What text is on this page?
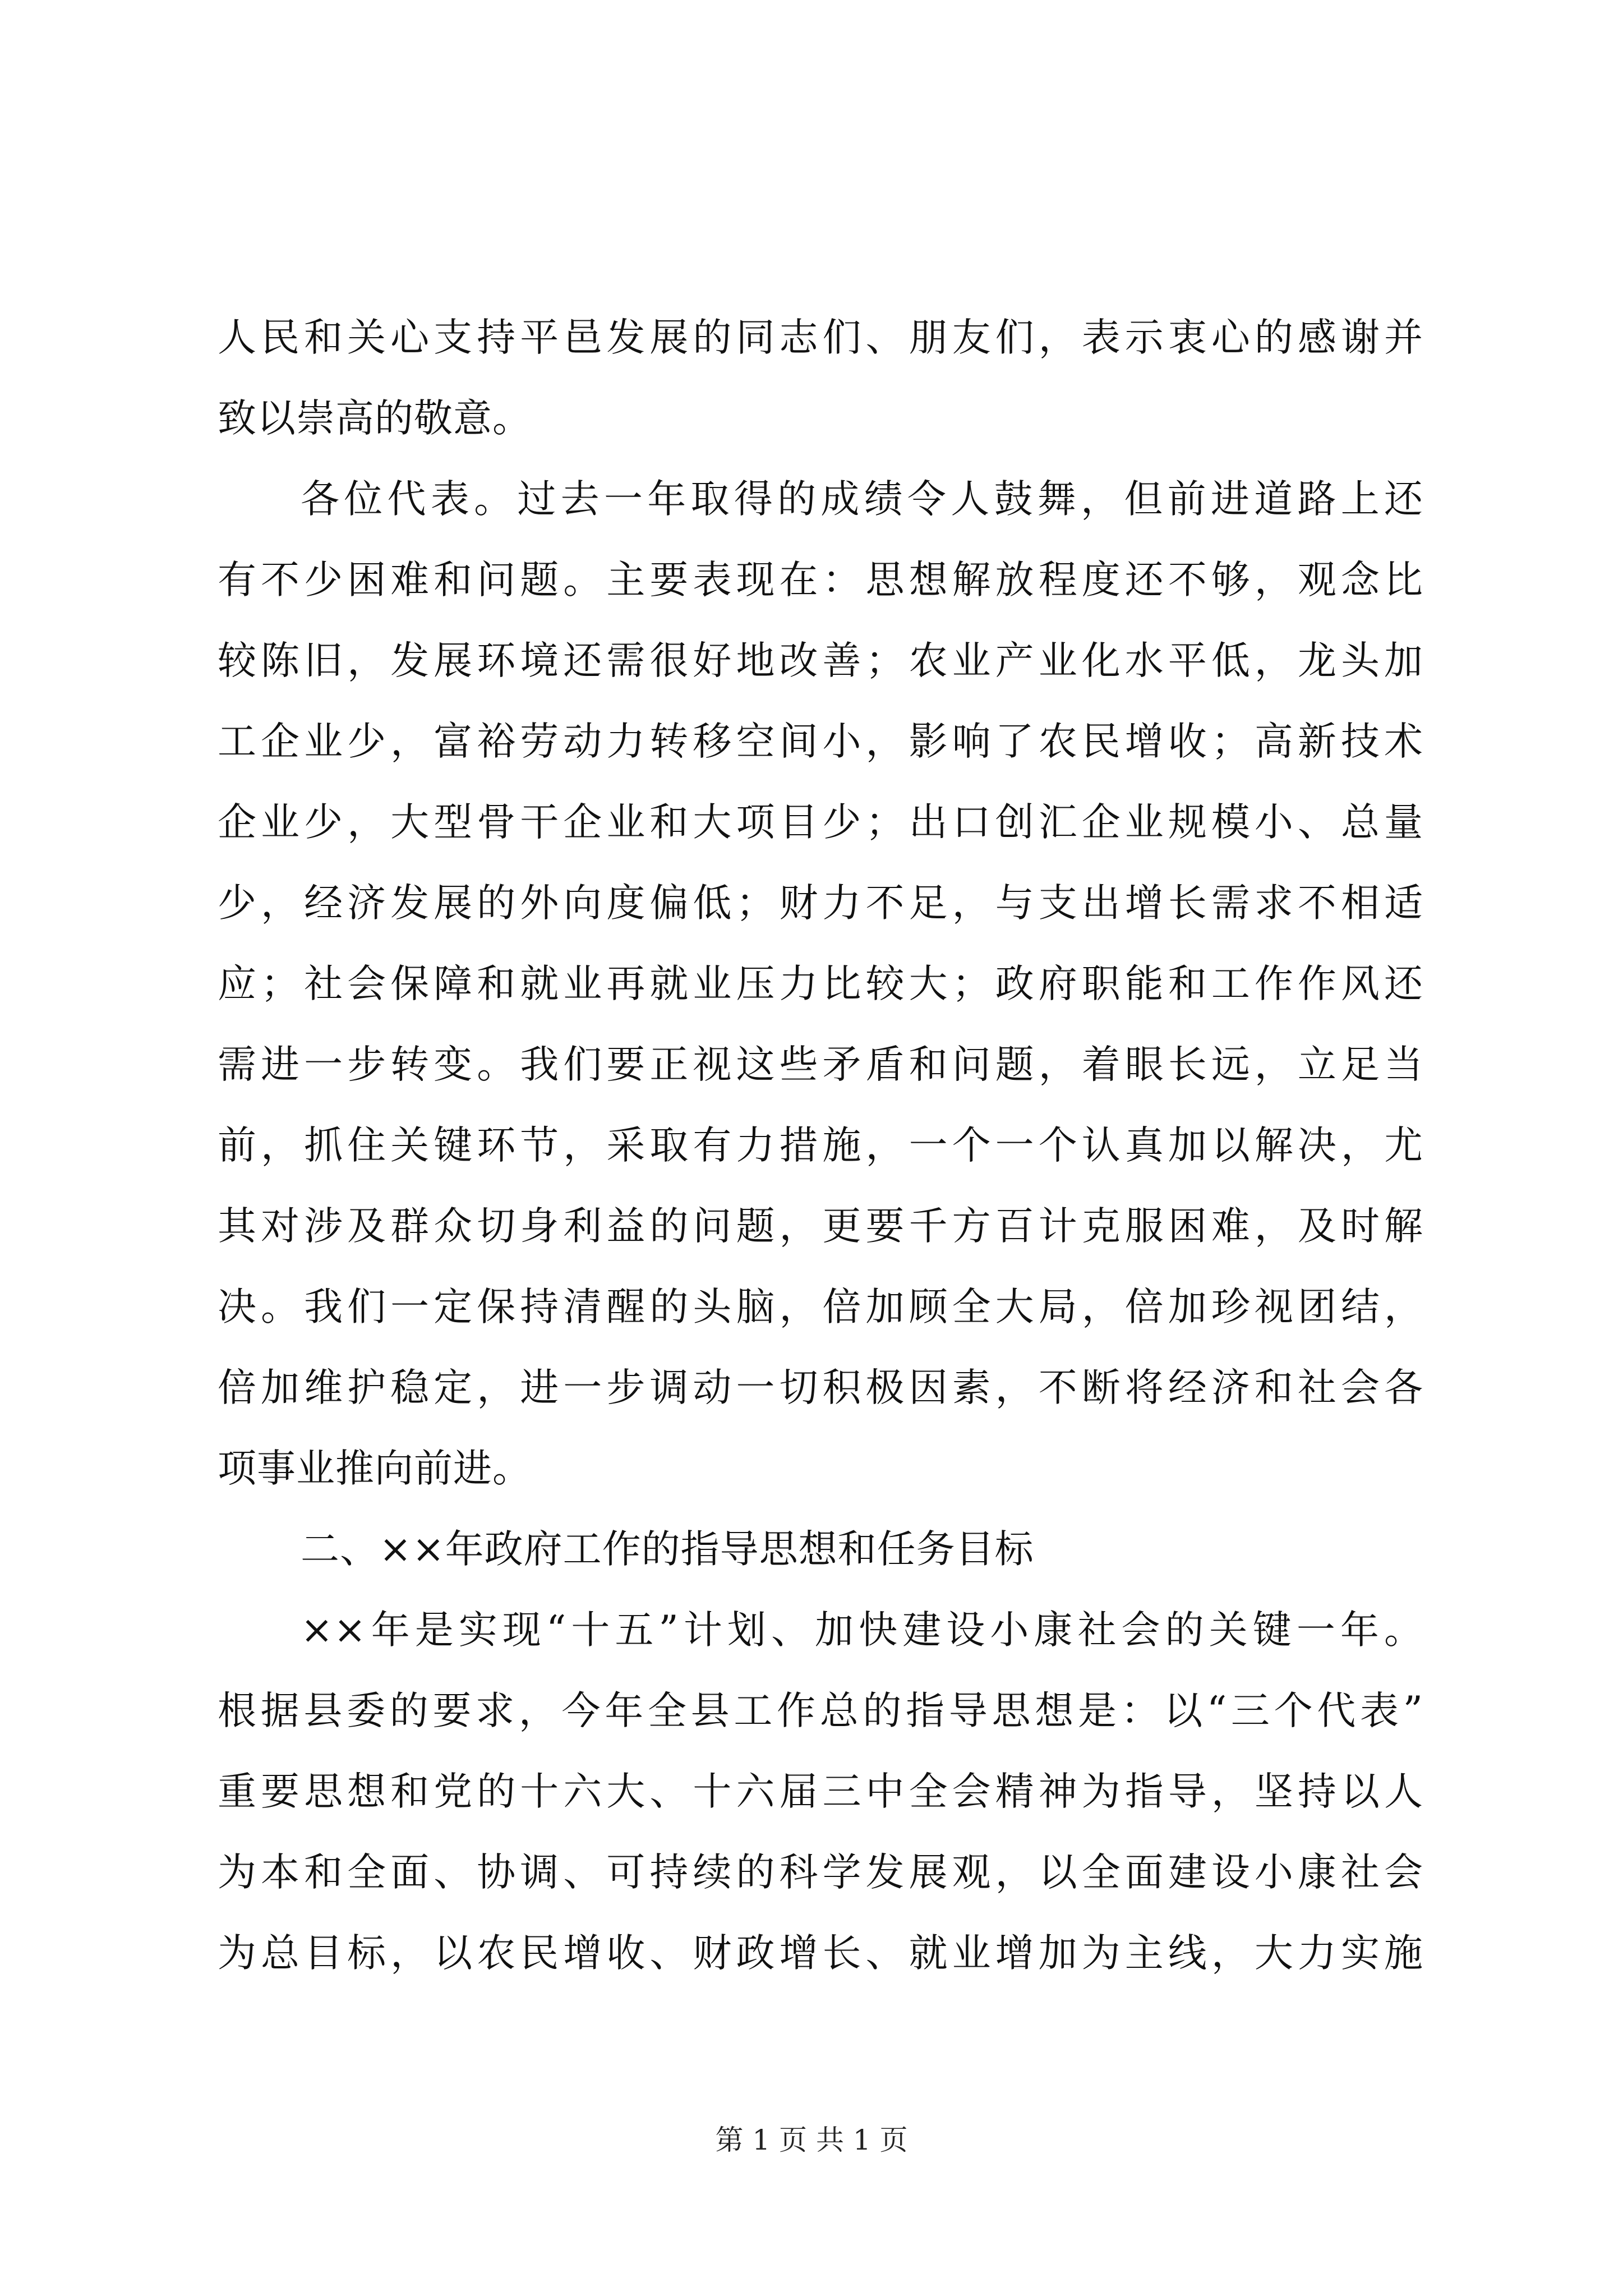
人民和关心支持平邑发展的同志们、朋友们，表示衷心的感谢并
致以崇高的敬意。
各位代表。过去一年取得的成绩令人鼓舞，但前进道路上还
有不少困难和问题。主要表现在：思想解放程度还不够，观念比
较陈旧，发展环境还需很好地改善；农业产业化水平低，龙头加
工企业少，富裕劳动力转移空间小，影响了农民增收；高新技术
企业少，大型骨干企业和大项目少；出口创汇企业规模小、总量
少，经济发展的外向度偏低；财力不足，与支出增长需求不相适
应；社会保障和就业再就业压力比较大；政府职能和工作作风还
需进一步转变。我们要正视这些矛盾和问题，着眼长远，立足当
前，抓住关键环节，采取有力措施，一个一个认真加以解决，尤
其对涉及群众切身利益的问题，更要千方百计克服困难，及时解
决。我们一定保持清醒的头脑，倍加顾全大局，倍加珍视团结，
倍加维护稳定，进一步调动一切积极因素，不断将经济和社会各
项事业推向前进。
二、××年政府工作的指导思想和任务目标
××年是实现“十五”计划、加快建设小康社会的关键一年。
根据县委的要求，今年全县工作总的指导思想是：以“三个代表”
重要思想和党的十六大、十六届三中全会精神为指导，坚持以人
为本和全面、协调、可持续的科学发展观，以全面建设小康社会
为总目标，以农民增收、财政增长、就业增加为主线，大力实施
第 1 页 共 1 页
